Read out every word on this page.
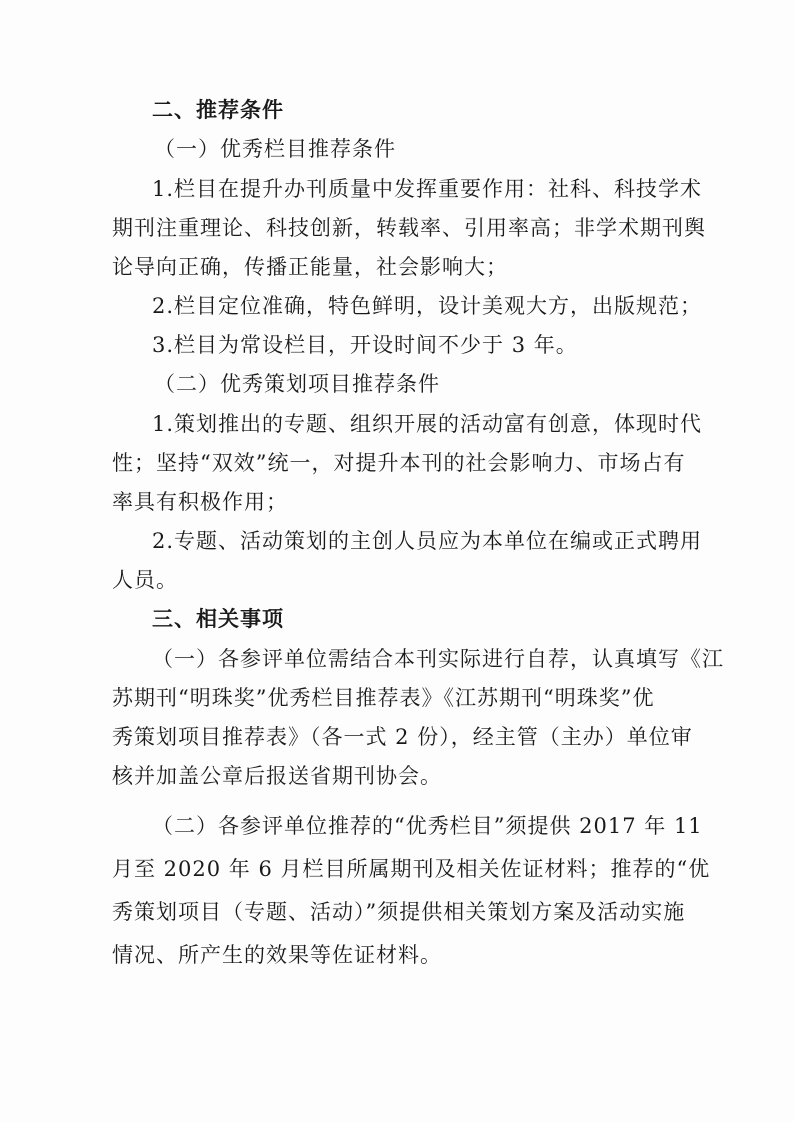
二、推荐条件
（一）优秀栏目推荐条件
1.栏目在提升办刊质量中发挥重要作用：社科、科技学术
期刊注重理论、科技创新，转载率、引用率高；非学术期刊舆
论导向正确，传播正能量，社会影响大；
2.栏目定位准确，特色鲜明，设计美观大方，出版规范；
3.栏目为常设栏目，开设时间不少于 3 年。
（二）优秀策划项目推荐条件
1.策划推出的专题、组织开展的活动富有创意，体现时代
性；坚持“双效”统一，对提升本刊的社会影响力、市场占有
率具有积极作用；
2.专题、活动策划的主创人员应为本单位在编或正式聘用
人员。
三、相关事项
（一）各参评单位需结合本刊实际进行自荐，认真填写《江
苏期刊“明珠奖”优秀栏目推荐表》《江苏期刊“明珠奖”优
秀策划项目推荐表》（各一式 2 份），经主管（主办）单位审
核并加盖公章后报送省期刊协会。
（二）各参评单位推荐的“优秀栏目”须提供 2017 年 11
月至 2020 年 6 月栏目所属期刊及相关佐证材料；推荐的“优
秀策划项目（专题、活动）”须提供相关策划方案及活动实施
情况、所产生的效果等佐证材料。
